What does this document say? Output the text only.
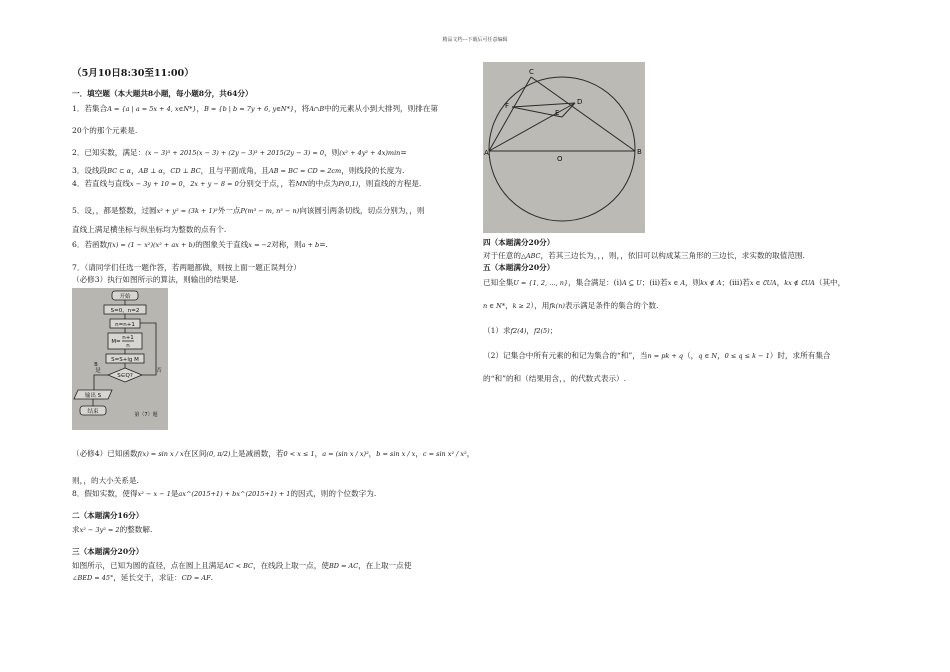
精品文档---下载后可任意编辑
（5月10日8:30至11:00）
一．填空题（本大题共8小题，每小题8分，共64分）
1．若集合A = {a | a = 5x + 4, x∈N*}，B = {b | b = 7y + 6, y∈N*}，将A∩B中的元素从小到大排列，则排在第
20个的那个元素是.
2．已知实数，满足：(x − 3)³ + 2015(x − 3) + (2y − 3)³ + 2015(2y − 3) = 0，则(x² + 4y² + 4x)min=
3．设线段BC ⊂ α，AB ⊥ α，CD ⊥ BC，且与平面成角，且AB = BC = CD = 2cm，则线段的长度为.
4．若直线与直线x − 3y + 10 = 0，2x + y − 8 = 0分别交于点，，若MN的中点为P(0,1)，则直线的方程是.
5．设，，都是整数，过圆x² + y² = (3k + 1)²外一点P(m³ − m, n³ − n)向该圆引两条切线，切点分别为，，则
直线上满足横坐标与纵坐标均为整数的点有个.
6．若函数f(x) = (1 − x²)(x² + ax + b)的图象关于直线x = −2对称，则a + b=.
7．（请同学们任选一题作答，若两题都做，则按上面一题正误判分）
（必修3）执行如图所示的算法，则输出的结果是.
开始
S=0，n=2
n=n+1
M=
n+1
n
S=S+lg M
S∈Q?
否
是
B
输出 S
结束	第（7）题
（必修4）已知函数f(x) = sin x / x在区间(0, π/2)上是减函数，若0 < x ≤ 1，a = (sin x / x)²，b = sin x / x，c = sin x² / x²，
则，，的大小关系是.
8．假如实数，使得x² − x − 1是ax^(2015+1) + bx^(2015+1) + 1的因式，则的个位数字为.
二（本题满分16分）
求x² − 3y² = 2的整数解.
三（本题满分20分）
如图所示，已知为圆的直径，点在圆上且满足AC < BC，在线段上取一点，使BD = AC，在上取一点使
∠BED = 45°，延长交于，求证：CD = AF.
C
D
E
F
A	B
O
四（本题满分20分）
对于任意的△ABC，若其三边长为，，，则，，依旧可以构成某三角形的三边长，求实数的取值范围.
五（本题满分20分）
已知全集U = {1, 2, …, n}，集合满足：(i)A ⊆ U；(ii)若x ∈ A，则kx ∉ A；(iii)若x ∈ ∁UA，kx ∉ ∁UA（其中，
n ∈ N*，k ≥ 2），用fk(n)表示满足条件的集合的个数.
（1）求f2(4)，f2(5)；
（2）记集合中所有元素的和记为集合的“和”，当n = pk + q（，q ∈ N，0 ≤ q ≤ k − 1）时，求所有集合
的“和”的和（结果用含，，的代数式表示）.
